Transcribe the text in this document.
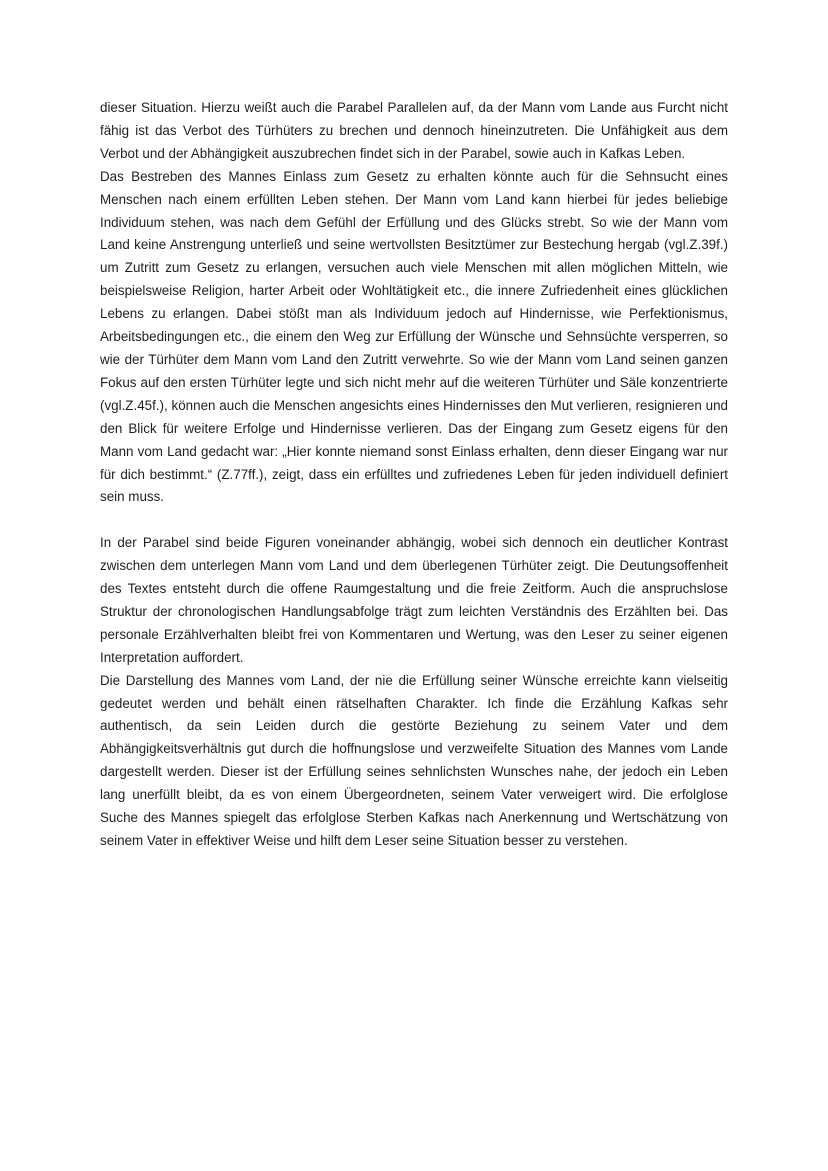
dieser Situation. Hierzu weißt auch die Parabel Parallelen auf, da der Mann vom Lande aus Furcht nicht fähig ist das Verbot des Türhüters zu brechen und dennoch hineinzutreten. Die Unfähigkeit aus dem Verbot und der Abhängigkeit auszubrechen findet sich in der Parabel, sowie auch in Kafkas Leben.

Das Bestreben des Mannes Einlass zum Gesetz zu erhalten könnte auch für die Sehnsucht eines Menschen nach einem erfüllten Leben stehen. Der Mann vom Land kann hierbei für jedes beliebige Individuum stehen, was nach dem Gefühl der Erfüllung und des Glücks strebt. So wie der Mann vom Land keine Anstrengung unterließ und seine wertvollsten Besitztümer zur Bestechung hergab (vgl.Z.39f.) um Zutritt zum Gesetz zu erlangen, versuchen auch viele Menschen mit allen möglichen Mitteln, wie beispielsweise Religion, harter Arbeit oder Wohltätigkeit etc., die innere Zufriedenheit eines glücklichen Lebens zu erlangen. Dabei stößt man als Individuum jedoch auf Hindernisse, wie Perfektionismus, Arbeitsbedingungen etc., die einem den Weg zur Erfüllung der Wünsche und Sehnsüchte versperren, so wie der Türhüter dem Mann vom Land den Zutritt verwehrte. So wie der Mann vom Land seinen ganzen Fokus auf den ersten Türhüter legte und sich nicht mehr auf die weiteren Türhüter und Säle konzentrierte (vgl.Z.45f.), können auch die Menschen angesichts eines Hindernisses den Mut verlieren, resignieren und den Blick für weitere Erfolge und Hindernisse verlieren. Das der Eingang zum Gesetz eigens für den Mann vom Land gedacht war: „Hier konnte niemand sonst Einlass erhalten, denn dieser Eingang war nur für dich bestimmt.“ (Z.77ff.), zeigt, dass ein erfülltes und zufriedenes Leben für jeden individuell definiert sein muss.

In der Parabel sind beide Figuren voneinander abhängig, wobei sich dennoch ein deutlicher Kontrast zwischen dem unterlegen Mann vom Land und dem überlegenen Türhüter zeigt. Die Deutungsoffenheit des Textes entsteht durch die offene Raumgestaltung und die freie Zeitform. Auch die anspruchslose Struktur der chronologischen Handlungsabfolge trägt zum leichten Verständnis des Erzählten bei. Das personale Erzählverhalten bleibt frei von Kommentaren und Wertung, was den Leser zu seiner eigenen Interpretation auffordert.

Die Darstellung des Mannes vom Land, der nie die Erfüllung seiner Wünsche erreichte kann vielseitig gedeutet werden und behält einen rätselhaften Charakter. Ich finde die Erzählung Kafkas sehr authentisch, da sein Leiden durch die gestörte Beziehung zu seinem Vater und dem Abhängigkeitsverhältnis gut durch die hoffnungslose und verzweifelte Situation des Mannes vom Lande dargestellt werden. Dieser ist der Erfüllung seines sehnlichsten Wunsches nahe, der jedoch ein Leben lang unerfüllt bleibt, da es von einem Übergeordneten, seinem Vater verweigert wird. Die erfolglose Suche des Mannes spiegelt das erfolglose Sterben Kafkas nach Anerkennung und Wertschätzung von seinem Vater in effektiver Weise und hilft dem Leser seine Situation besser zu verstehen.
